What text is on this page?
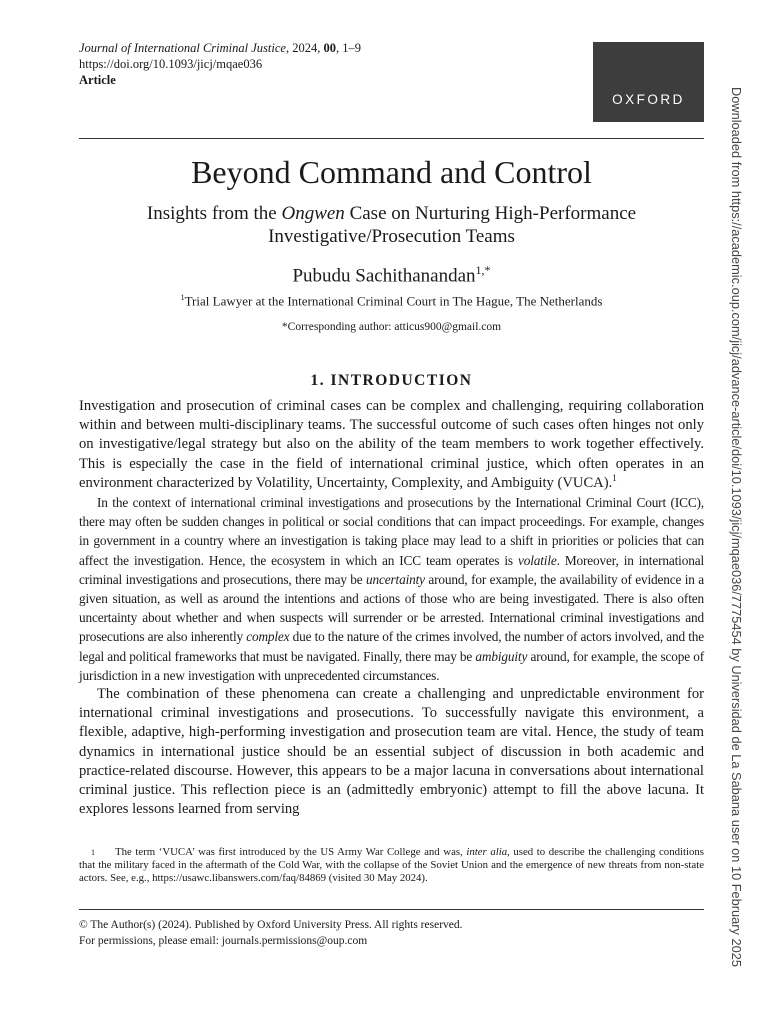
Journal of International Criminal Justice, 2024, 00, 1–9
https://doi.org/10.1093/jicj/mqae036
Article
OXFORD
Beyond Command and Control
Insights from the Ongwen Case on Nurturing High-Performance Investigative/Prosecution Teams
Pubudu Sachithanandan$^{1,*}$
$^1$Trial Lawyer at the International Criminal Court in The Hague, The Netherlands
*Corresponding author: atticus900@gmail.com
1. INTRODUCTION

Investigation and prosecution of criminal cases can be complex and challenging, requiring collaboration within and between multi-disciplinary teams. The successful outcome of such cases often hinges not only on investigative/legal strategy but also on the ability of the team members to work together effectively. This is especially the case in the field of international criminal justice, which often operates in an environment characterized by Volatility, Uncertainty, Complexity, and Ambiguity (VUCA).$^1$

In the context of international criminal investigations and prosecutions by the International Criminal Court (ICC), there may often be sudden changes in political or social conditions that can impact proceedings. For example, changes in government in a country where an investigation is taking place may lead to a shift in priorities or policies that can affect the investigation. Hence, the ecosystem in which an ICC team operates is volatile. Moreover, in international criminal investigations and prosecutions, there may be uncertainty around, for example, the availability of evidence in a given situation, as well as around the intentions and actions of those who are being investigated. There is also often uncertainty about whether and when suspects will surrender or be arrested. International criminal investigations and prosecutions are also inherently complex due to the nature of the crimes involved, the number of actors involved, and the legal and political frameworks that must be navigated. Finally, there may be ambiguity around, for example, the scope of jurisdiction in a new investigation with unprecedented circumstances.

The combination of these phenomena can create a challenging and unpredictable environment for international criminal investigations and prosecutions. To successfully navigate this environment, a flexible, adaptive, high-performing investigation and prosecution team are vital. Hence, the study of team dynamics in international justice should be an essential subject of discussion in both academic and practice-related discourse. However, this appears to be a major lacuna in conversations about international criminal justice. This reflection piece is an (admittedly embryonic) attempt to fill the above lacuna. It explores lessons learned from serving

1 The term ‘VUCA’ was first introduced by the US Army War College and was, inter alia, used to describe the challenging conditions that the military faced in the aftermath of the Cold War, with the collapse of the Soviet Union and the emergence of new threats from non-state actors. See, e.g., https://usawc.libanswers.com/faq/84869 (visited 30 May 2024).
© The Author(s) (2024). Published by Oxford University Press. All rights reserved.
For permissions, please email: journals.permissions@oup.com	Downloaded from https://academic.oup.com/jicj/advance-article/doi/10.1093/jicj/mqae036/7775454 by Universidad de La Sabana user on 10 February 2025
